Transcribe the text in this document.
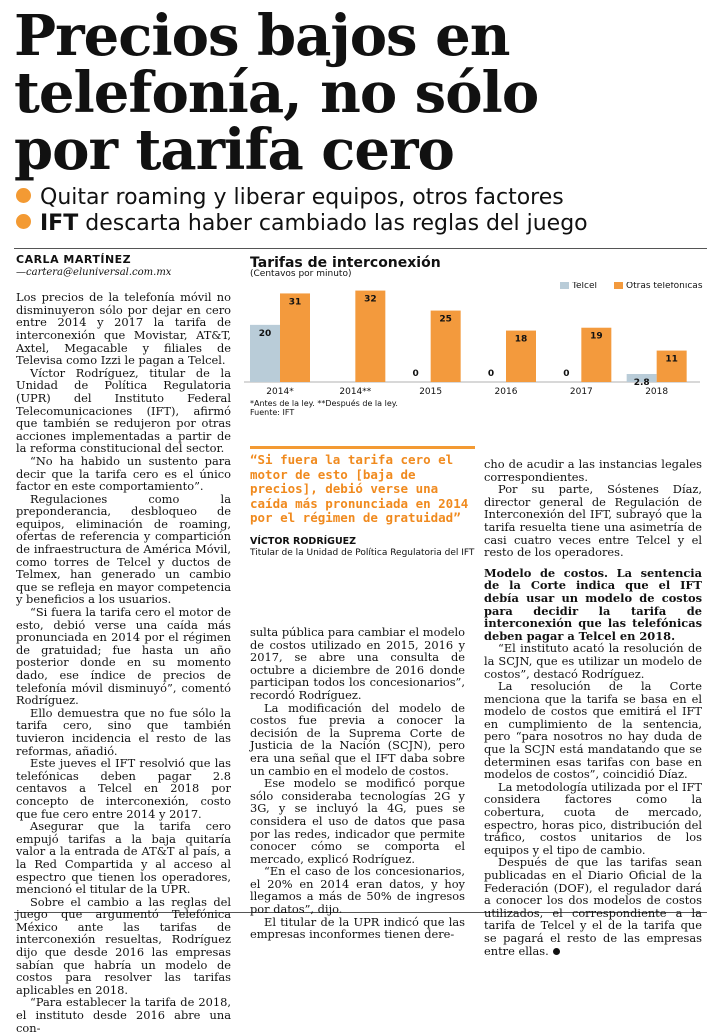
Precios bajos en
telefonía, no sólo
por tarifa cero
Quitar roaming y liberar equipos, otros factores
IFT descarta haber cambiado las reglas del juego
CARLA MARTÍNEZ
—cartera@eluniversal.com.mx

Los precios de la telefonía móvil no disminuyeron sólo por dejar en cero entre 2014 y 2017 la tarifa de interconexión que Movistar, AT&T, Axtel, Megacable y filiales de Televisa como Izzi le pagan a Telcel.

Víctor Rodríguez, titular de la Unidad de Política Regulatoria (UPR) del Instituto Federal Telecomunicaciones (IFT), afirmó que también se redujeron por otras acciones implementadas a partir de la reforma constitucional del sector.

“No ha habido un sustento para decir que la tarifa cero es el único factor en este comportamiento”.

Regulaciones como la preponderancia, desbloqueo de equipos, eliminación de roaming, ofertas de referencia y compartición de infraestructura de América Móvil, como torres de Telcel y ductos de Telmex, han generado un cambio que se refleja en mayor competencia y beneficios a los usuarios.

“Si fuera la tarifa cero el motor de esto, debió verse una caída más pronunciada en 2014 por el régimen de gratuidad; fue hasta un año posterior donde en su momento dado, ese índice de precios de telefonía móvil disminuyó”, comentó Rodríguez.

Ello demuestra que no fue sólo la tarifa cero, sino que también tuvieron incidencia el resto de las reformas, añadió.

Este jueves el IFT resolvió que las telefónicas deben pagar 2.8 centavos a Telcel en 2018 por concepto de interconexión, costo que fue cero entre 2014 y 2017.

Asegurar que la tarifa cero empujó tarifas a la baja quitaría valor a la entrada de AT&T al país, a la Red Compartida y al acceso al espectro que tienen los operadores, mencionó el titular de la UPR.

Sobre el cambio a las reglas del juego que argumentó Telefónica México ante las tarifas de interconexión resueltas, Rodríguez dijo que desde 2016 las empresas sabían que habría un modelo de costos para resolver las tarifas aplicables en 2018.

“Para establecer la tarifa de 2018, el instituto desde 2016 abre una con-

Tarifas de interconexión
(Centavos por minuto)
Telcel	Otras telefónicas
20
31
2014*
32
2014**
0
25
2015
0
18
2016
0
19
2017
2.8
11
2018
*Antes de la ley. **Después de la ley.
Fuente: IFT
“Si fuera la tarifa cero el motor de esto [baja de precios], debió verse una caída más pronunciada en 2014 por el régimen de gratuidad”
VÍCTOR RODRÍGUEZ
Titular de la Unidad de Política Regulatoria del IFT

sulta pública para cambiar el modelo de costos utilizado en 2015, 2016 y 2017, se abre una consulta de octubre a diciembre de 2016 donde participan todos los concesionarios”, recordó Rodríguez.

La modificación del modelo de costos fue previa a conocer la decisión de la Suprema Corte de Justicia de la Nación (SCJN), pero era una señal que el IFT daba sobre un cambio en el modelo de costos.

Ese modelo se modificó porque sólo consideraba tecnologías 2G y 3G, y se incluyó la 4G, pues se considera el uso de datos que pasa por las redes, indicador que permite conocer cómo se comporta el mercado, explicó Rodríguez.

“En el caso de los concesionarios, el 20% en 2014 eran datos, y hoy llegamos a más de 50% de ingresos por datos”, dijo.

El titular de la UPR indicó que las empresas inconformes tienen dere-

cho de acudir a las instancias legales correspondientes.

Por su parte, Sóstenes Díaz, director general de Regulación de Interconexión del IFT, subrayó que la tarifa resuelta tiene una asimetría de casi cuatro veces entre Telcel y el resto de los operadores.

Modelo de costos. La sentencia de la Corte indica que el IFT debía usar un modelo de costos para decidir la tarifa de interconexión que las telefónicas deben pagar a Telcel en 2018.

“El instituto acató la resolución de la SCJN, que es utilizar un modelo de costos”, destacó Rodríguez.

La resolución de la Corte menciona que la tarifa se basa en el modelo de costos que emitirá el IFT en cumplimiento de la sentencia, pero “para nosotros no hay duda de que la SCJN está mandatando que se determinen esas tarifas con base en modelos de costos”, coincidió Díaz.

La metodología utilizada por el IFT considera factores como la cobertura, cuota de mercado, espectro, horas pico, distribución del tráfico, costos unitarios de los equipos y el tipo de cambio.

Después de que las tarifas sean publicadas en el Diario Oficial de la Federación (DOF), el regulador dará a conocer los dos modelos de costos utilizados, el correspondiente a la tarifa de Telcel y el de la tarifa que se pagará el resto de las empresas entre ellas.
